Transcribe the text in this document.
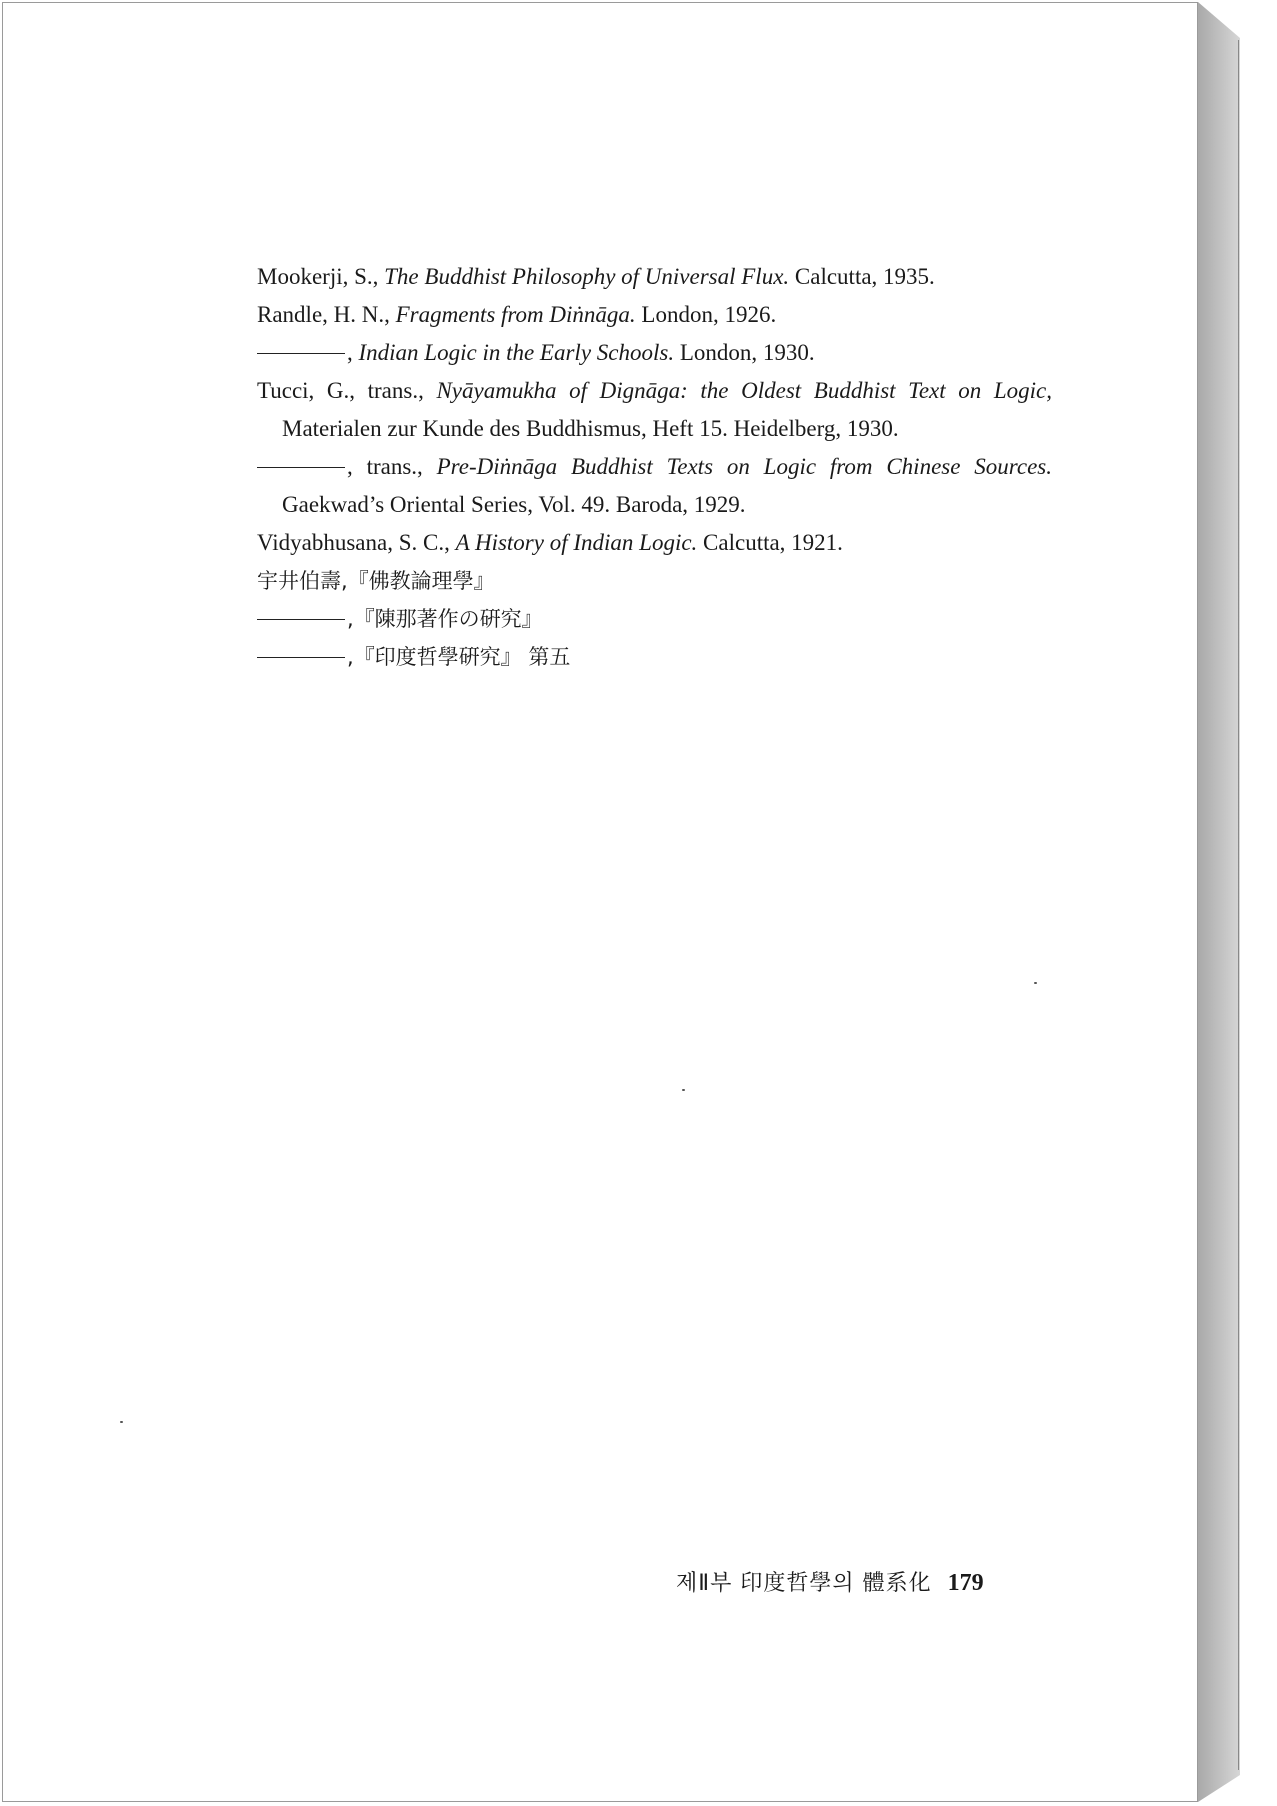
Mookerji, S., The Buddhist Philosophy of Universal Flux. Calcutta, 1935.

Randle, H. N., Fragments from Diṅnāga. London, 1926.

, Indian Logic in the Early Schools. London, 1930.

Tucci, G., trans., Nyāyamukha of Dignāga: the Oldest Buddhist Text on Logic, Materialen zur Kunde des Buddhismus, Heft 15. Heidelberg, 1930.

, trans., Pre-Diṅnāga Buddhist Texts on Logic from Chinese Sources. Gaekwad’s Oriental Series, Vol. 49. Baroda, 1929.

Vidyabhusana, S. C., A History of Indian Logic. Calcutta, 1921.

宇井伯壽,『佛教論理學』

,『陳那著作の硏究』

,『印度哲學硏究』 第五

제Ⅱ부 印度哲學의 體系化 179
